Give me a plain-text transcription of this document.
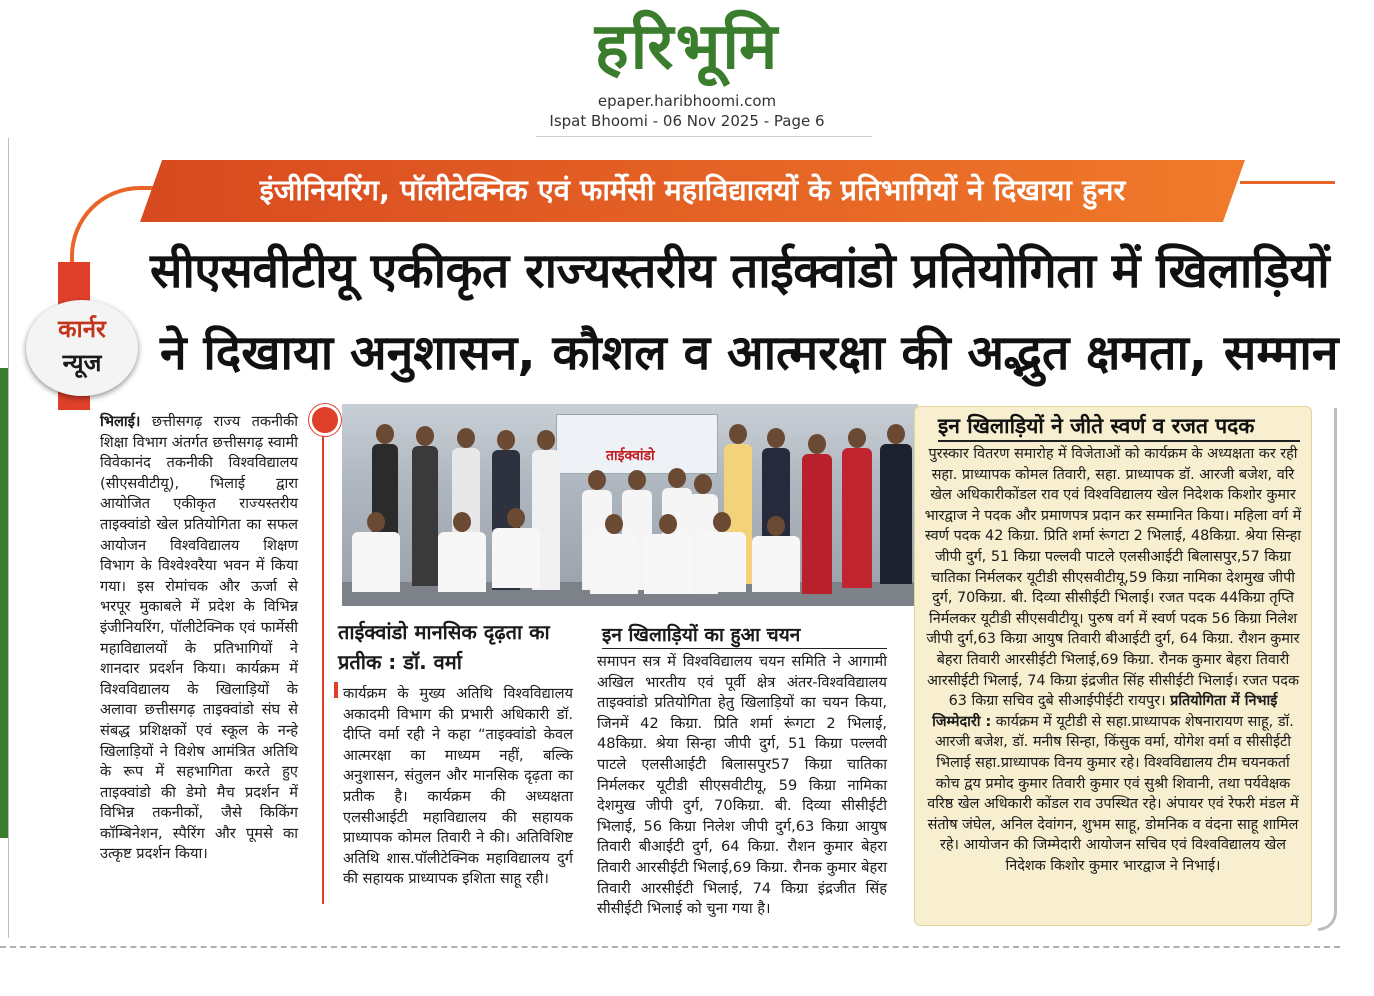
हरिभूमि
epaper.haribhoomi.com
Ispat Bhoomi - 06 Nov 2025 - Page 6
इंजीनियरिंग, पॉलीटेक्निक एवं फार्मेसी महाविद्यालयों के प्रतिभागियों ने दिखाया हुनर
कार्नर
न्यूज
सीएसवीटीयू एकीकृत राज्यस्तरीय ताईक्वांडो प्रतियोगिता में खिलाड़ियों
ने दिखाया अनुशासन, कौशल व आत्मरक्षा की अद्भुत क्षमता, सम्मान
भिलाई। छत्तीसगढ़ राज्य तकनीकी शिक्षा विभाग अंतर्गत छत्तीसगढ़ स्वामी विवेकानंद तकनीकी विश्वविद्यालय (सीएसवीटीयू), भिलाई द्वारा आयोजित एकीकृत राज्यस्तरीय ताइक्वांडो खेल प्रतियोगिता का सफल आयोजन विश्वविद्यालय शिक्षण विभाग के विश्वेश्वरैया भवन में किया गया। इस रोमांचक और ऊर्जा से भरपूर मुकाबले में प्रदेश के विभिन्न इंजीनियरिंग, पॉलीटेक्निक एवं फार्मेसी महाविद्यालयों के प्रतिभागियों ने शानदार प्रदर्शन किया। कार्यक्रम में विश्वविद्यालय के खिलाड़ियों के अलावा छत्तीसगढ़ ताइक्वांडो संघ से संबद्ध प्रशिक्षकों एवं स्कूल के नन्हे खिलाड़ियों ने विशेष आमंत्रित अतिथि के रूप में सहभागिता करते हुए ताइक्वांडो की डेमो मैच प्रदर्शन में विभिन्न तकनीकों, जैसे किकिंग कॉम्बिनेशन, स्पैरिंग और पूमसे का उत्कृष्ट प्रदर्शन किया।
ताईक्वांडो
ताईक्वांडो मानसिक दृढ़ता का प्रतीक : डॉ. वर्मा
कार्यक्रम के मुख्य अतिथि विश्वविद्यालय अकादमी विभाग की प्रभारी अधिकारी डॉ. दीप्ति वर्मा रही ने कहा “ताइक्वांडो केवल आत्मरक्षा का माध्यम नहीं, बल्कि अनुशासन, संतुलन और मानसिक दृढ़ता का प्रतीक है। कार्यक्रम की अध्यक्षता एलसीआईटी महाविद्यालय की सहायक प्राध्यापक कोमल तिवारी ने की। अतिविशिष्ट अतिथि शास.पॉलीटेक्निक महाविद्यालय दुर्ग की सहायक प्राध्यापक इशिता साहू रही।
इन खिलाड़ियों का हुआ चयन
समापन सत्र में विश्वविद्यालय चयन समिति ने आगामी अखिल भारतीय एवं पूर्वी क्षेत्र अंतर-विश्वविद्यालय ताइक्वांडो प्रतियोगिता हेतु खिलाड़ियों का चयन किया, जिनमें 42 किग्रा. प्रिति शर्मा रूंगटा 2 भिलाई, 48किग्रा. श्रेया सिन्हा जीपी दुर्ग, 51 किग्रा पल्लवी पाटले एलसीआईटी बिलासपुर57 किग्रा चातिका निर्मलकर यूटीडी सीएसवीटीयू, 59 किग्रा नामिका देशमुख जीपी दुर्ग, 70किग्रा. बी. दिव्या सीसीईटी भिलाई, 56 किग्रा निलेश जीपी दुर्ग,63 किग्रा आयुष तिवारी बीआईटी दुर्ग, 64 किग्रा. रौशन कुमार बेहरा तिवारी आरसीईटी भिलाई,69 किग्रा. रौनक कुमार बेहरा तिवारी आरसीईटी भिलाई, 74 किग्रा इंद्रजीत सिंह सीसीईटी भिलाई को चुना गया है।
इन खिलाड़ियों ने जीते स्वर्ण व रजत पदक
पुरस्कार वितरण समारोह में विजेताओं को कार्यक्रम के अध्यक्षता कर रही सहा. प्राध्यापक कोमल तिवारी, सहा. प्राध्यापक डॉ. आरजी बजेश, वरि खेल अधिकारीकोंडल राव एवं विश्वविद्यालय खेल निदेशक किशोर कुमार भारद्वाज ने पदक और प्रमाणपत्र प्रदान कर सम्मानित किया। महिला वर्ग में स्वर्ण पदक 42 किग्रा. प्रिति शर्मा रूंगटा 2 भिलाई, 48किग्रा. श्रेया सिन्हा जीपी दुर्ग, 51 किग्रा पल्लवी पाटले एलसीआईटी बिलासपुर,57 किग्रा चातिका निर्मलकर यूटीडी सीएसवीटीयू,59 किग्रा नामिका देशमुख जीपी दुर्ग, 70किग्रा. बी. दिव्या सीसीईटी भिलाई। रजत पदक 44किग्रा तृप्ति निर्मलकर यूटीडी सीएसवीटीयू। पुरुष वर्ग में स्वर्ण पदक 56 किग्रा निलेश जीपी दुर्ग,63 किग्रा आयुष तिवारी बीआईटी दुर्ग, 64 किग्रा. रौशन कुमार बेहरा तिवारी आरसीईटी भिलाई,69 किग्रा. रौनक कुमार बेहरा तिवारी आरसीईटी भिलाई, 74 किग्रा इंद्रजीत सिंह सीसीईटी भिलाई। रजत पदक 63 किग्रा सचिव दुबे सीआईपीईटी रायपुर। प्रतियोगिता में निभाई जिम्मेदारी : कार्यक्रम में यूटीडी से सहा.प्राध्यापक शेषनारायण साहू, डॉ. आरजी बजेश, डॉ. मनीष सिन्हा, किंसुक वर्मा, योगेश वर्मा व सीसीईटी भिलाई सहा.प्राध्यापक विनय कुमार रहे। विश्वविद्यालय टीम चयनकर्ता कोच द्वय प्रमोद कुमार तिवारी कुमार एवं सुश्री शिवानी, तथा पर्यवेक्षक वरिष्ठ खेल अधिकारी कोंडल राव उपस्थित रहे। अंपायर एवं रेफरी मंडल में संतोष जंघेल, अनिल देवांगन, शुभम साहू, डोमनिक व वंदना साहू शामिल रहे। आयोजन की जिम्मेदारी आयोजन सचिव एवं विश्वविद्यालय खेल निदेशक किशोर कुमार भारद्वाज ने निभाई।
